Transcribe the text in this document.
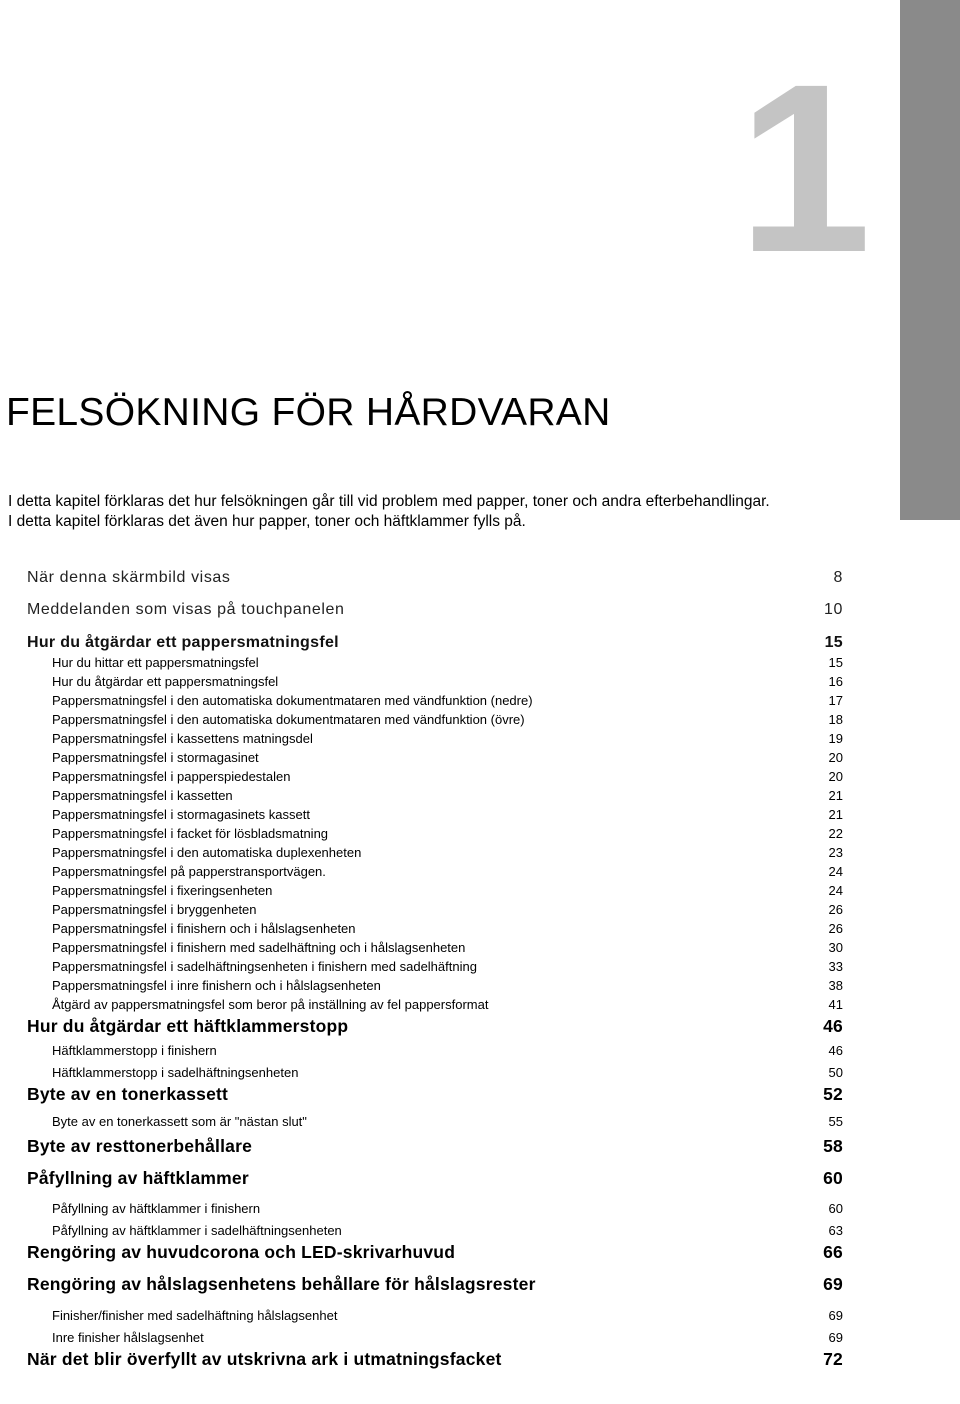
1
FELSÖKNING FÖR HÅRDVARAN

I detta kapitel förklaras det hur felsökningen går till vid problem med papper, toner och andra efterbehandlingar.

I detta kapitel förklaras det även hur papper, toner och häftklammer fylls på.

När denna skärmbild visas	8
Meddelanden som visas på touchpanelen	10
Hur du åtgärdar ett pappersmatningsfel	15
Hur du hittar ett pappersmatningsfel	15
Hur du åtgärdar ett pappersmatningsfel	16
Pappersmatningsfel i den automatiska dokumentmataren med vändfunktion (nedre)	17
Pappersmatningsfel i den automatiska dokumentmataren med vändfunktion (övre)	18
Pappersmatningsfel i kassettens matningsdel	19
Pappersmatningsfel i stormagasinet	20
Pappersmatningsfel i papperspiedestalen	20
Pappersmatningsfel i kassetten	21
Pappersmatningsfel i stormagasinets kassett	21
Pappersmatningsfel i facket för lösbladsmatning	22
Pappersmatningsfel i den automatiska duplexenheten	23
Pappersmatningsfel på papperstransportvägen.	24
Pappersmatningsfel i fixeringsenheten	24
Pappersmatningsfel i bryggenheten	26
Pappersmatningsfel i finishern och i hålslagsenheten	26
Pappersmatningsfel i finishern med sadelhäftning och i hålslagsenheten	30
Pappersmatningsfel i sadelhäftningsenheten i finishern med sadelhäftning	33
Pappersmatningsfel i inre finishern och i hålslagsenheten	38
Åtgärd av pappersmatningsfel som beror på inställning av fel pappersformat	41
Hur du åtgärdar ett häftklammerstopp	46
Häftklammerstopp i finishern	46
Häftklammerstopp i sadelhäftningsenheten	50
Byte av en tonerkassett	52
Byte av en tonerkassett som är "nästan slut"	55
Byte av resttonerbehållare	58
Påfyllning av häftklammer	60
Påfyllning av häftklammer i finishern	60
Påfyllning av häftklammer i sadelhäftningsenheten	63
Rengöring av huvudcorona och LED-skrivarhuvud	66
Rengöring av hålslagsenhetens behållare för hålslagsrester	69
Finisher/finisher med sadelhäftning hålslagsenhet	69
Inre finisher hålslagsenhet	69
När det blir överfyllt av utskrivna ark i utmatningsfacket	72
